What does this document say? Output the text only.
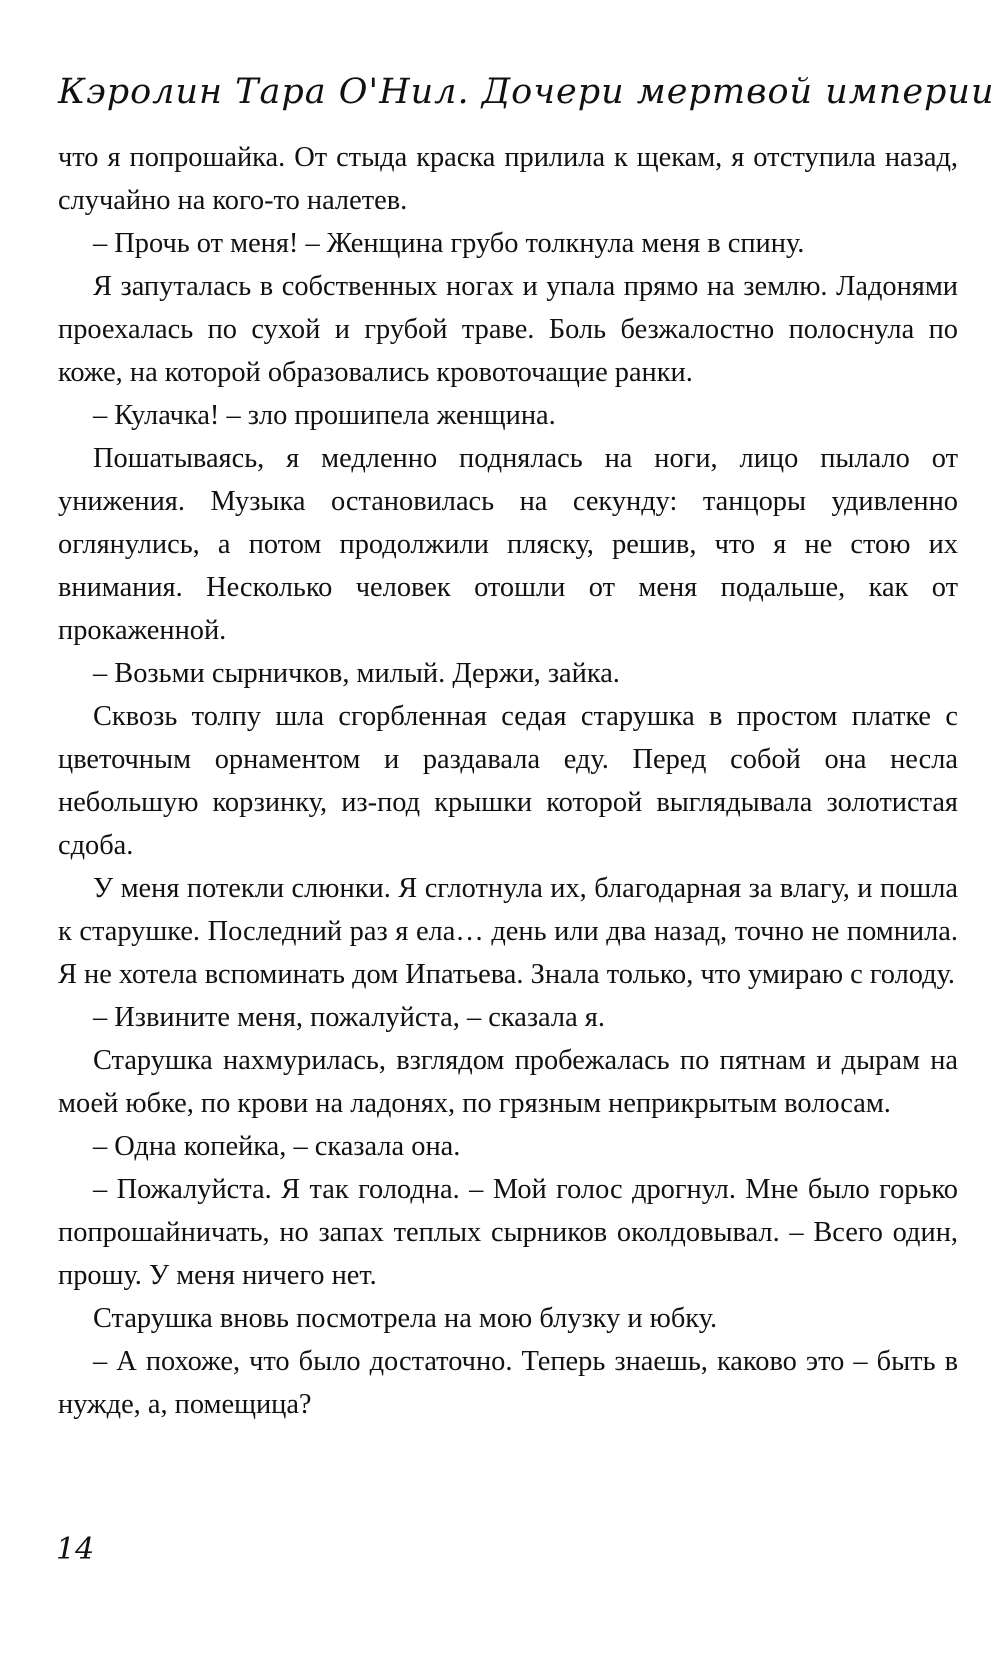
Кэролин Тара О'Нил. Дочери мертвой империи

что я попрошайка. От стыда краска прилила к щекам, я отступила назад, случайно на кого-то налетев.

– Прочь от меня! – Женщина грубо толкнула меня в спину.

Я запуталась в собственных ногах и упала прямо на землю. Ладонями проехалась по сухой и грубой траве. Боль безжалостно полоснула по коже, на которой образовались кровоточащие ранки.

– Кулачка! – зло прошипела женщина.

Пошатываясь, я медленно поднялась на ноги, лицо пылало от унижения. Музыка остановилась на секунду: танцоры удивленно оглянулись, а потом продолжили пляску, решив, что я не стою их внимания. Несколько человек отошли от меня подальше, как от прокаженной.

– Возьми сырничков, милый. Держи, зайка.

Сквозь толпу шла сгорбленная седая старушка в простом платке с цветочным орнаментом и раздавала еду. Перед собой она несла небольшую корзинку, из-под крышки которой выглядывала золотистая сдоба.

У меня потекли слюнки. Я сглотнула их, благодарная за влагу, и пошла к старушке. Последний раз я ела… день или два назад, точно не помнила. Я не хотела вспоминать дом Ипатьева. Знала только, что умираю с голоду.

– Извините меня, пожалуйста, – сказала я.

Старушка нахмурилась, взглядом пробежалась по пятнам и дырам на моей юбке, по крови на ладонях, по грязным неприкрытым волосам.

– Одна копейка, – сказала она.

– Пожалуйста. Я так голодна. – Мой голос дрогнул. Мне было горько попрошайничать, но запах теплых сырников околдовывал. – Всего один, прошу. У меня ничего нет.

Старушка вновь посмотрела на мою блузку и юбку.

– А похоже, что было достаточно. Теперь знаешь, каково это – быть в нужде, а, помещица?

14
